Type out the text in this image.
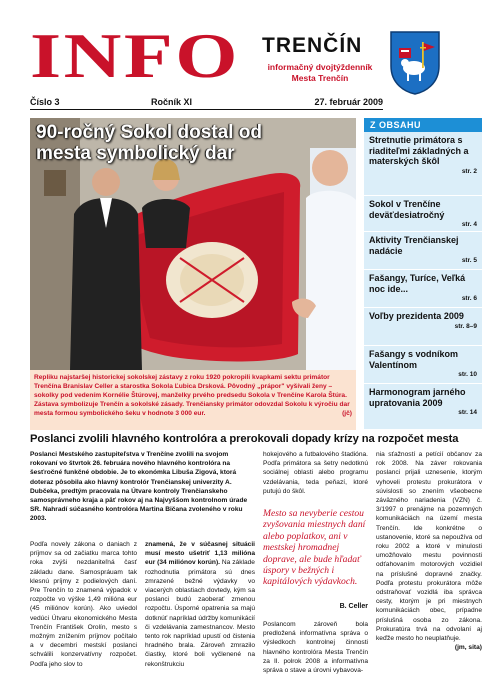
INFO TRENČÍN
informačný dvojtýždenník
Mesta Trenčín
Číslo 3	Ročník XI	27. február 2009
90-ročný Sokol dostal od
mesta symbolický dar
Repliku najstaršej historickej sokolskej zástavy z roku 1920 pokropili kvapkami sektu primátor Trenčína Branislav Celler a starostka Sokola Ľubica Drsková. Pôvodný „prápor" vyšívali ženy – sokolky pod vedením Kornélie Štúrovej, manželky prvého predsedu Sokola v Trenčíne Karola Štúra. Zástava symbolizuje Trenčín a sokolské zásady. Trenčiansky primátor odovzdal Sokolu k výročiu dar mesta formou symbolického šeku v hodnote 3 000 eur.	(jč)
Z OBSAHU
Stretnutie primátora s riaditeľmi základných a materských škôl
str. 2
Sokol v Trenčíne deväťdesiatročný
str. 4
Aktivity Trenčianskej nadácie
str. 5
Fašangy, Turíce, Veľká noc ide...
str. 6
Voľby prezidenta 2009
str. 8–9
Fašangy s vodníkom Valentínom
str. 10
Harmonogram jarného upratovania 2009
str. 14
Poslanci zvolili hlavného kontrolóra a prerokovali dopady krízy na rozpočet mesta
Poslanci Mestského zastupiteľstva v Trenčíne zvolili na svojom rokovaní vo štvrtok 26. februára nového hlavného kontrolóra na šesťročné funkčné obdobie. Je to ekonómka Libuša Zigová, ktorá doteraz pôsobila ako hlavný kontrolór Trenčianskej univerzity A. Dubčeka, predtým pracovala na Útvare kontroly Trenčianskeho samosprávneho kraja a päť rokov aj na Najvyššom kontrolnom úrade SR. Nahradí súčasného kontrolóra Martina Bičana zvoleného v roku 2003.
Podľa novely zákona o daniach z príjmov sa od začiatku marca tohto roka zvýši nezdaniteľná časť základu dane. Samospráuam tak klesnú príjmy z podielových daní. Pre Trenčín to znamená výpadok v rozpočte vo výške 1,49 milióna eur (45 miliónov korún). Ako uviedol vedúci Útvaru ekonomického Mesta Trenčín František Orolín, mesto s možným znížením príjmov počítalo a v decembri mestskí poslanci schválili konzervatívny rozpočet. Podľa jeho slov to
znamená, že v súčasnej situácii musí mesto ušetriť 1,13 milióna eur (34 miliónov korún). Na základe rozhodnutia primátora sú dnes zmrazené bežné výdavky vo viacerých oblastiach dovtedy, kým sa poslanci budú zaoberať zmenou rozpočtu. Úsporné opatrenia sa majú dotknúť napríklad údržby komunikácií či vzdelávania zamestnancov. Mesto tento rok napríklad upustí od čistenia hradného brala. Zároveň zmrazilo čiastky, ktoré boli vyčlenené na rekonštrukciu
hokejového a futbalového štadióna. Podľa primátora sa šetry nedotknú sociálnej oblasti alebo programu vzdelávania, teda peňazí, ktoré putujú do škôl.
Mesto sa nevyberie cestou zvyšovania miestnych daní alebo poplatkov, ani v mestskej hromadnej doprave, ale bude hľadať úspory v bežných i kapitálových výdavkoch.
B. Celler
Poslancom zároveň bola predložená informatívna správa o výsledkoch kontrolnej činnosti hlavného kontrolóra Mesta Trenčín za II. polrok 2008 a informatívna správa o stave a úrovni vybavova-
nia sťažností a petícií občanov za rok 2008. Na záver rokovania poslanci prijali uznesenie, ktorým vyhoveli protestu prokurátora v súvislosti so znením všeobecne záväzného nariadenia (VZN) č. 3/1997 o prenájme na pozemných komunikáciách na území mesta Trenčín. Ide konkrétne o ustanovenie, ktoré sa nepoužíva od roku 2002 a ktoré v minulosti umožňovalo mestu povinnosti odťahovaním motorových vozidiel na príslušné dopravné značky. Podľa protestu prokurátora môže odstraňovať vozidlá iba správca cesty, ktorým je pri miestnych komunikáciách obec, prípadne príslušná osoba zo zákona. Prokuratúra trvá na odvolaní aj keďže mesto ho neuplatňuje.
(jm, sita)
